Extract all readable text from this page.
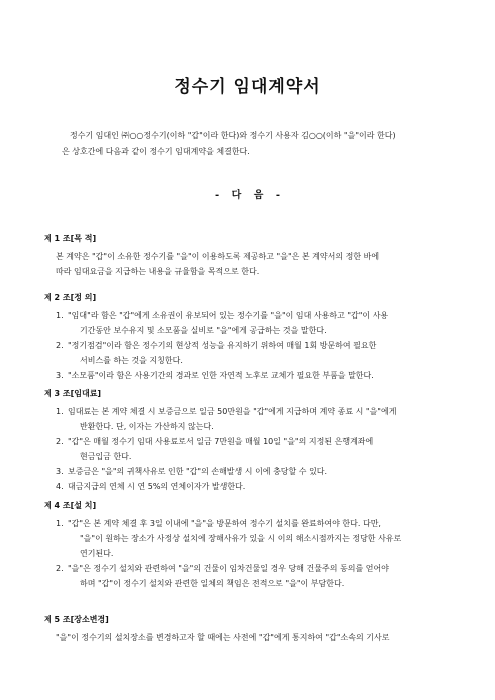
정수기 임대계약서
정수기 임대인 ㈜○○정수기(이하 "갑"이라 한다)와 정수기 사용자 김○○(이하 "을"이라 한다)
은 상호간에 다음과 같이 정수기 임대계약을 체결한다.
- 다 음 -
제 1 조[목 적]
본 계약은 "갑"이 소유한 정수기를 "을"이 이용하도록 제공하고 "을"은 본 계약서의 정한 바에
따라 임대요금을 지급하는 내용을 규율함을 목적으로 한다.
제 2 조[정 의]
1. "임대"라 함은 "갑"에게 소유권이 유보되어 있는 정수기를 "을"이 임대 사용하고 "갑"이 사용
기간동안 보수유지 및 소모품을 실비로 "을"에게 공급하는 것을 말한다.
2. "정기점검"이라 함은 정수기의 현상적 성능을 유지하기 위하여 매월 1회 방문하여 필요한
서비스를 하는 것을 지칭한다.
3. "소모품"이라 함은 사용기간의 경과로 인한 자연적 노후로 교체가 필요한 부품을 말한다.
제 3 조[임대료]
1. 임대료는 본 계약 체결 시 보증금으로 일금 50만원을 "갑"에게 지급하며 계약 종료 시 "을"에게
반환한다. 단, 이자는 가산하지 않는다.
2. "갑"은 매월 정수기 임대 사용료로서 일금 7만원을 매월 10일 "을"의 지정된 은행계좌에
현금입금 한다.
3. 보증금은 "을"의 귀책사유로 인한 "갑"의 손해발생 시 이에 충당할 수 있다.
4. 대금지급의 연체 시 연 5%의 연체이자가 발생한다.
제 4 조[설 치]
1. "갑"은 본 계약 체결 후 3일 이내에 "을"을 방문하여 정수기 설치를 완료하여야 한다. 다만,
"을"이 원하는 장소가 사정상 설치에 장해사유가 있을 시 이의 해소시점까지는 정당한 사유로
연기된다.
2. "을"은 정수기 설치와 관련하여 "을"의 건물이 임차건물일 경우 당해 건물주의 동의를 얻어야
하며 "갑"이 정수기 설치와 관련한 일체의 책임은 전적으로 "을"이 부담한다.
제 5 조[장소변경]
"을"이 정수기의 설치장소를 변경하고자 할 때에는 사전에 "갑"에게 통지하여 "갑"소속의 기사로
